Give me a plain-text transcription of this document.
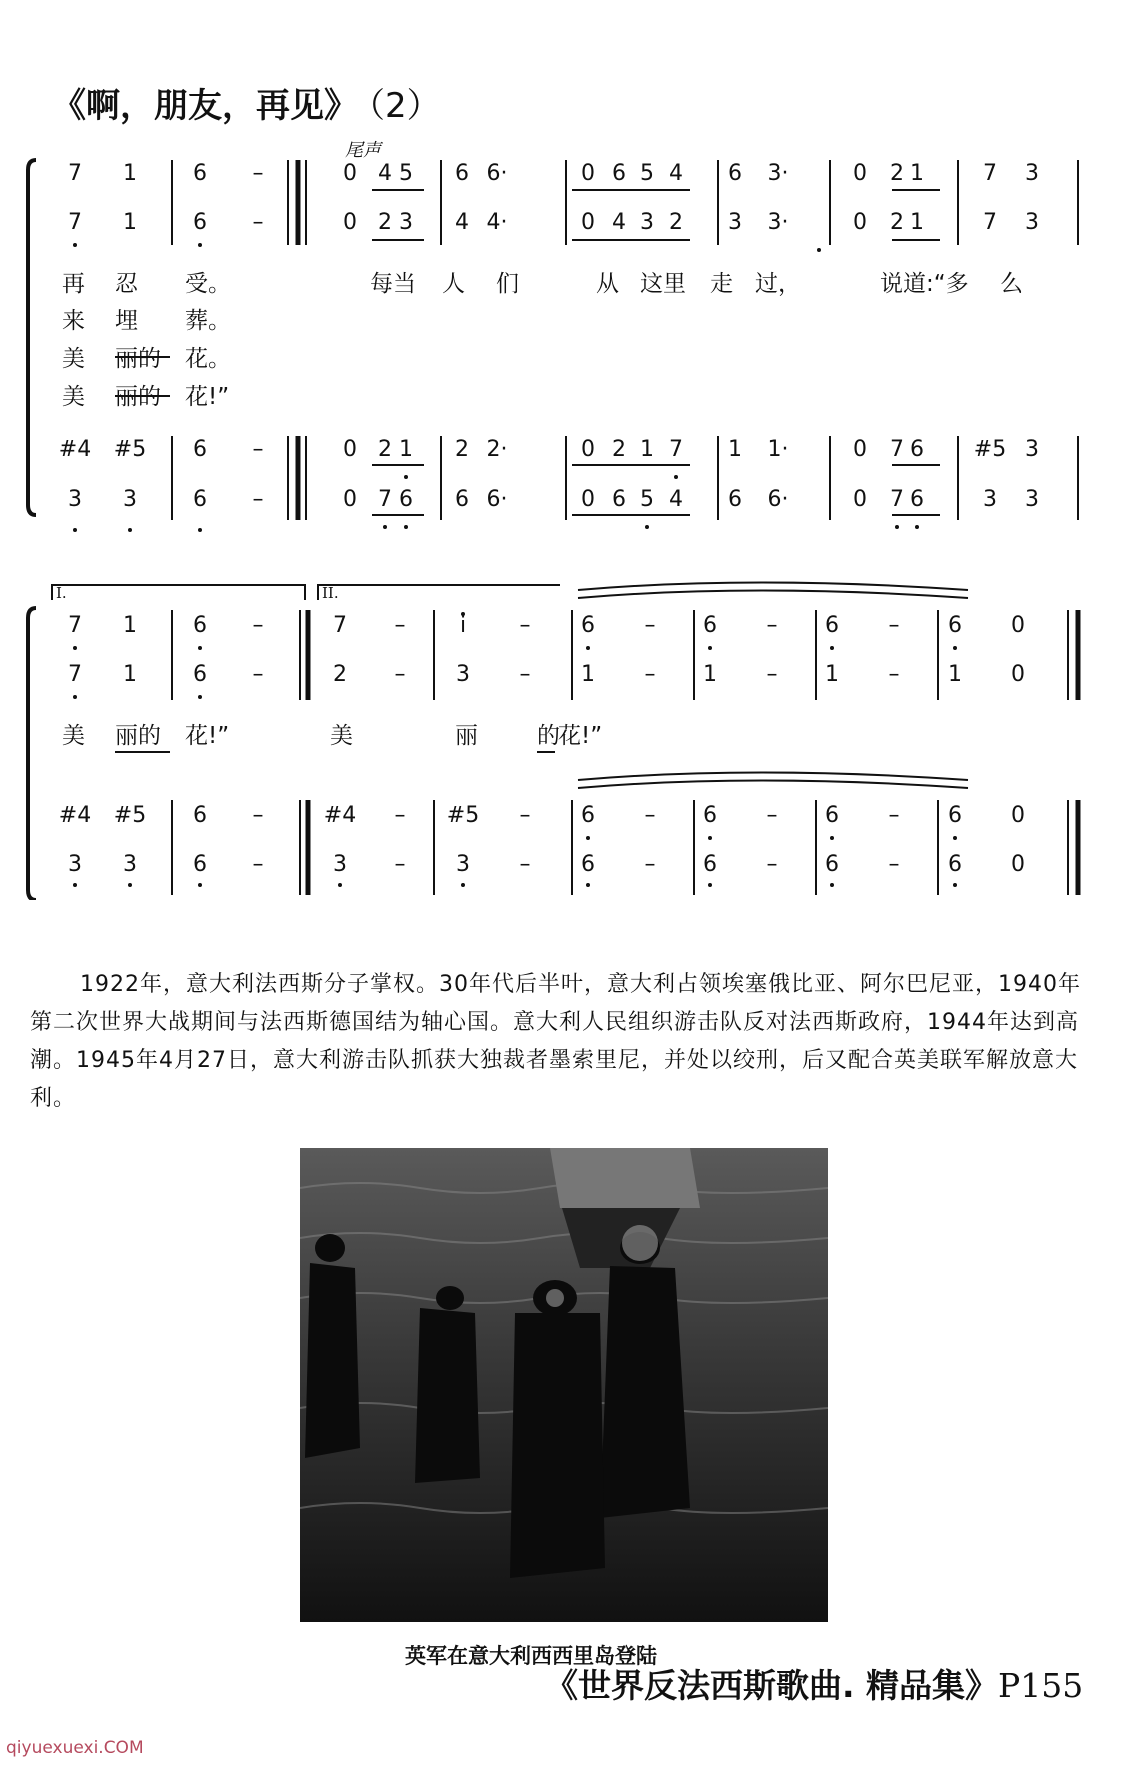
《啊，朋友，再见》 （2）
尾声
7 1	6 –	0 4 5 6 6·	0 6 5 4 6 3·	0 2 1	7 3
7 1	6 –	0 2 3 4 4·	0 4 3 2 3 3·	0 2 1	7 3
#4 #5 6 –	0 2 1 2 2·	0 2 1 7 1 1·	0 7 6 #5 3
3 3	6 –	0 7 6 6 6·	0 6 5 4 6 6·	0 7 6	3 3
再 忍 受。	每当 人 们	从 这里 走 过，	说道:“多 么
来 埋 葬。
美 丽的 花。
美 丽的 花!”
I.	II.
7 1	6 –	7 – i – 6 – 6 – 6 – 6 0
7 1	6 –	2 – 3 – 1 – 1 – 1 – 1 0
#4 #5 6 –	#4 – #5 – 6 – 6 – 6 – 6 0
3 3	6 –	3 – 3 – 6 – 6 – 6 – 6 0
美 丽的 花!”	美	丽	的
花!”
1922年，意大利法西斯分子掌权。30年代后半叶，意大利占领埃塞俄比亚、阿尔巴尼亚，1940年第二次世界大战期间与法西斯德国结为轴心国。意大利人民组织游击队反对法西斯政府，1944年达到高潮。1945年4月27日，意大利游击队抓获大独裁者墨索里尼，并处以绞刑，后又配合英美联军解放意大利。
英军在意大利西西里岛登陆
《世界反法西斯歌曲. 精品集》P155
qiyuexuexi.COM
